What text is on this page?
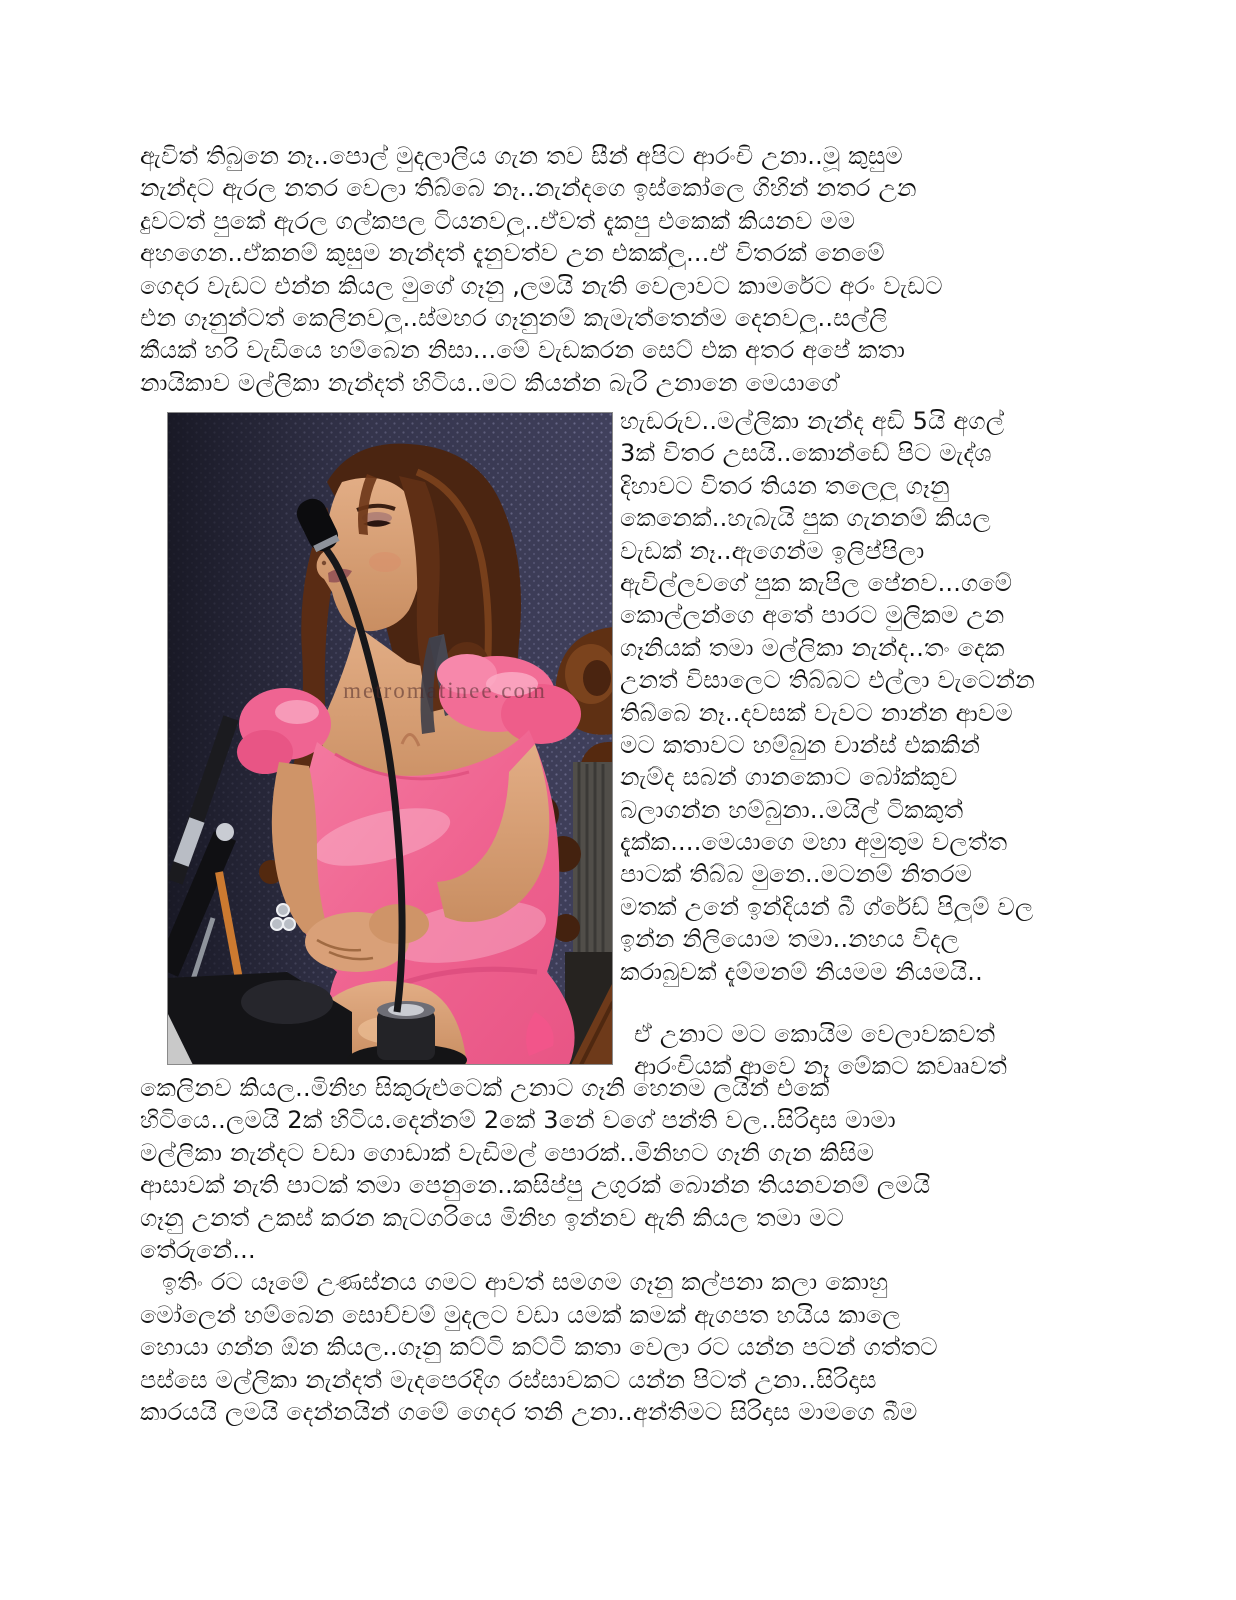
ඇවිත් තිබුනෙ නෑ..පොල් මුදලාලිය ගැන තව සීන් අපිට ආරංචි උනා..මූ කුසුම
නැන්දට ඇරල නතර වෙලා තිබ්බෙ නෑ..නැන්දගෙ ඉස්කෝලෙ ගිහින් නතර උන
දුවටත් පුකේ ඇරල ගල්කපල ටියනවලු..ඒවත් දැකපු එකෙක් කියනව මම
අහගෙන..ඒකනම් කුසුම නැන්දත් දැනුවත්ව උන එකක්ලු...ඒ විතරක් නෙමේ
ගෙදර වැඩට එන්න කියල මුගේ ගෑනු ,ලමයි නැති වෙලාවට කාමරේට අරං වැඩට
එන ගෑනුන්ටත් කෙලිනවලු..ස්මහර ගෑනුනම් කැමැත්තෙන්ම දෙනවලු..සල්ලි
කීයක් හරි වැඩියෙ හම්බෙන නිසා...මේ වැඩකරන සෙට් එක අතර අපේ කතා
නායිකාව මල්ලිකා නැන්දත් හිටිය..මට කියන්න බැරි උනානෙ මෙයාගේ
metromatinee.com
හැඩරුව..මල්ලිකා නැන්ද අඩි 5යි අගල්
3ක් විතර උසයි..කොන්ඩේ පිට මැද්ශ
දිහාවට විතර තියන තලෙලු ගෑනු
කෙනෙක්..හැබැයි පුක ගැනනම් කියල
වැඩක් නෑ..ඇගෙන්ම ඉලිප්පිලා
ඇවිල්ලවගේ පුක කැපිල පේනව...ගමේ
කොල්ලන්ගෙ අතේ පාරට මුලිකම උන
ගෑනියක් තමා මල්ලිකා නැන්ද..තං දෙක
උනත් විසාලෙට තිබ්බට එල්ලා වැටෙන්න
තිබ්බෙ නෑ..දවසක් වැවට නාන්න ආවම
මට කතාවට හම්බුන චාන්ස් එකකින්
නැම්ද සබන් ගානකොට බෝක්කුව
බලාගන්න හම්බුනා..මයිල් ටිකකුත්
දැක්ක....මෙයාගෙ මහා අමුතුම වලත්ත
පාටක් තිබ්බ මුනෙ..මටනම් නිතරම
මතක් උනේ ඉන්දියන් බී ග්රේඩ් පිලුම් වල
ඉන්න නිලියොම තමා..නහය විදල
කරාබුවක් දැම්මනම් නියමම නියමයි..
ඒ උනාට මට කොයිම වෙලාවකවත්
ආරංචියක් ආවෙ නෑ මේකට කවෲවත්
කෙලිනව කියල..මිනිහ සිකුරුළුටෙක් උනාට ගෑනි හෙනම ලයින් එකේ
හිටියෙ..ලමයි 2ක් හිටිය.දෙන්නම් 2කේ 3නේ වගේ පන්ති වල..සිරිදාස මාමා
මල්ලිකා නැන්දට වඩා ගොඩාක් වැඩිමල් පොරක්..මිනිහට ගෑනි ගැන කිසිම
ආසාවක් නැති පාටක් තමා පෙනුනෙ..කසිප්පු උගුරක් බොන්න තියනවනම් ලමයි
ගෑනු උනත් උකස් කරන කැටගරියෙ මිනිහ ඉන්නව ඇති කියල තමා මට
තේරුනේ...
ඉතිං රට යෑමේ උණස්නය ගමට ආවත් සමගම ගෑනු කල්පනා කලා කොහු
මෝලෙන් හම්බෙන සොච්චම් මුදලට වඩා යමක් කමක් ඇගපත හයිය කාලෙ
හොයා ගන්න ඕන කියල..ගෑනු කට්ටි කට්ටි කතා වෙලා රට යන්න පටන් ගත්තට
පස්සෙ මල්ලිකා නැන්දත් මැදපෙරදිග රස්සාවකට යන්න පිටත් උනා..සිරිදාස
කාරයයි ලමයි දෙන්නයින් ගමේ ගෙදර තනි උනා..අන්තිමට සිරිදාස මාමගෙ බීම
